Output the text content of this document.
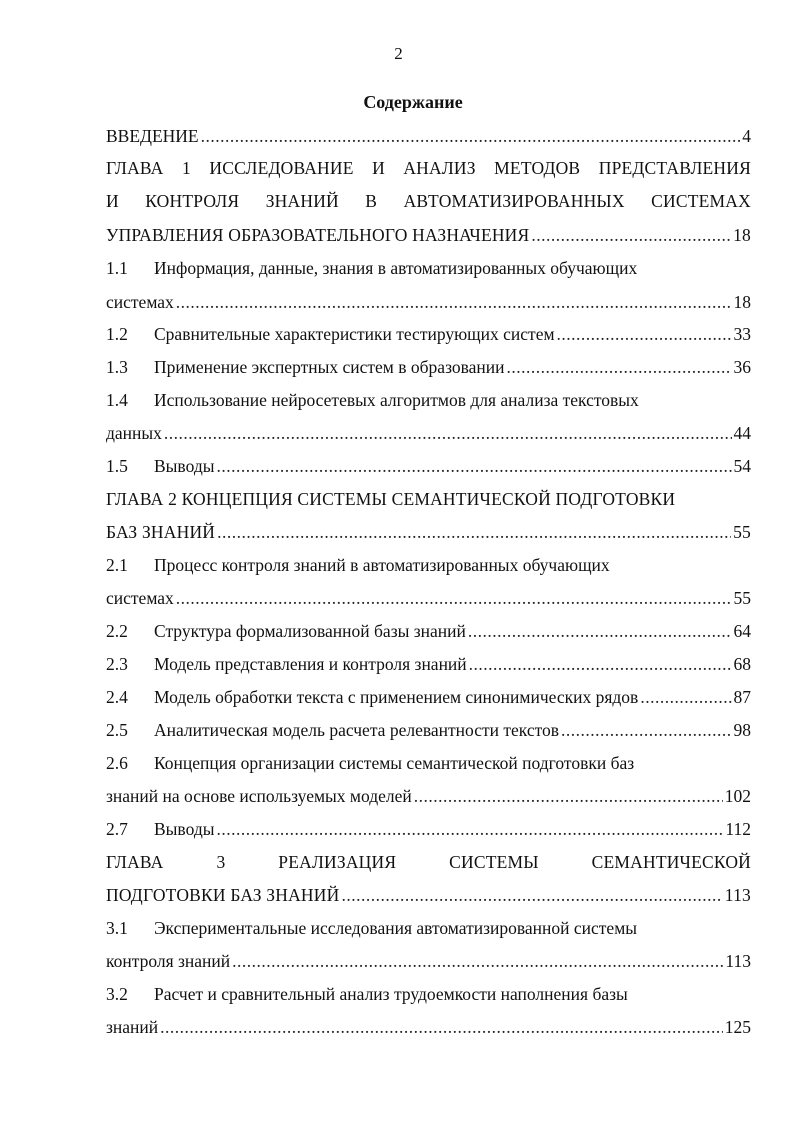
2
Содержание
ВВЕДЕНИЕ .....	4
ГЛАВА 1 ИССЛЕДОВАНИЕ И АНАЛИЗ МЕТОДОВ ПРЕДСТАВЛЕНИЯ
И КОНТРОЛЯ ЗНАНИЙ В АВТОМАТИЗИРОВАННЫХ СИСТЕМАХ
УПРАВЛЕНИЯ ОБРАЗОВАТЕЛЬНОГО НАЗНАЧЕНИЯ .....	18
1.1	Информация, данные, знания в автоматизированных обучающих
системах .....	18
1.2	Сравнительные характеристики тестирующих систем .....	33
1.3	Применение экспертных систем в образовании .....	36
1.4	Использование нейросетевых алгоритмов для анализа текстовых
данных .....	44
1.5	Выводы .....	54
ГЛАВА 2 КОНЦЕПЦИЯ СИСТЕМЫ СЕМАНТИЧЕСКОЙ ПОДГОТОВКИ
БАЗ ЗНАНИЙ .....	55
2.1	Процесс контроля знаний в автоматизированных обучающих
системах .....	55
2.2	Структура формализованной базы знаний .....	64
2.3	Модель представления и контроля знаний .....	68
2.4	Модель обработки текста с применением синонимических рядов .....	87
2.5	Аналитическая модель расчета релевантности текстов .....	98
2.6	Концепция организации системы семантической подготовки баз
знаний на основе используемых моделей .....	102
2.7	Выводы .....	112
ГЛАВА	3	РЕАЛИЗАЦИЯ	СИСТЕМЫ	СЕМАНТИЧЕСКОЙ
ПОДГОТОВКИ БАЗ ЗНАНИЙ .....	113
3.1	Экспериментальные исследования автоматизированной системы
контроля знаний .....	113
3.2	Расчет и сравнительный анализ трудоемкости наполнения базы
знаний .....	125
